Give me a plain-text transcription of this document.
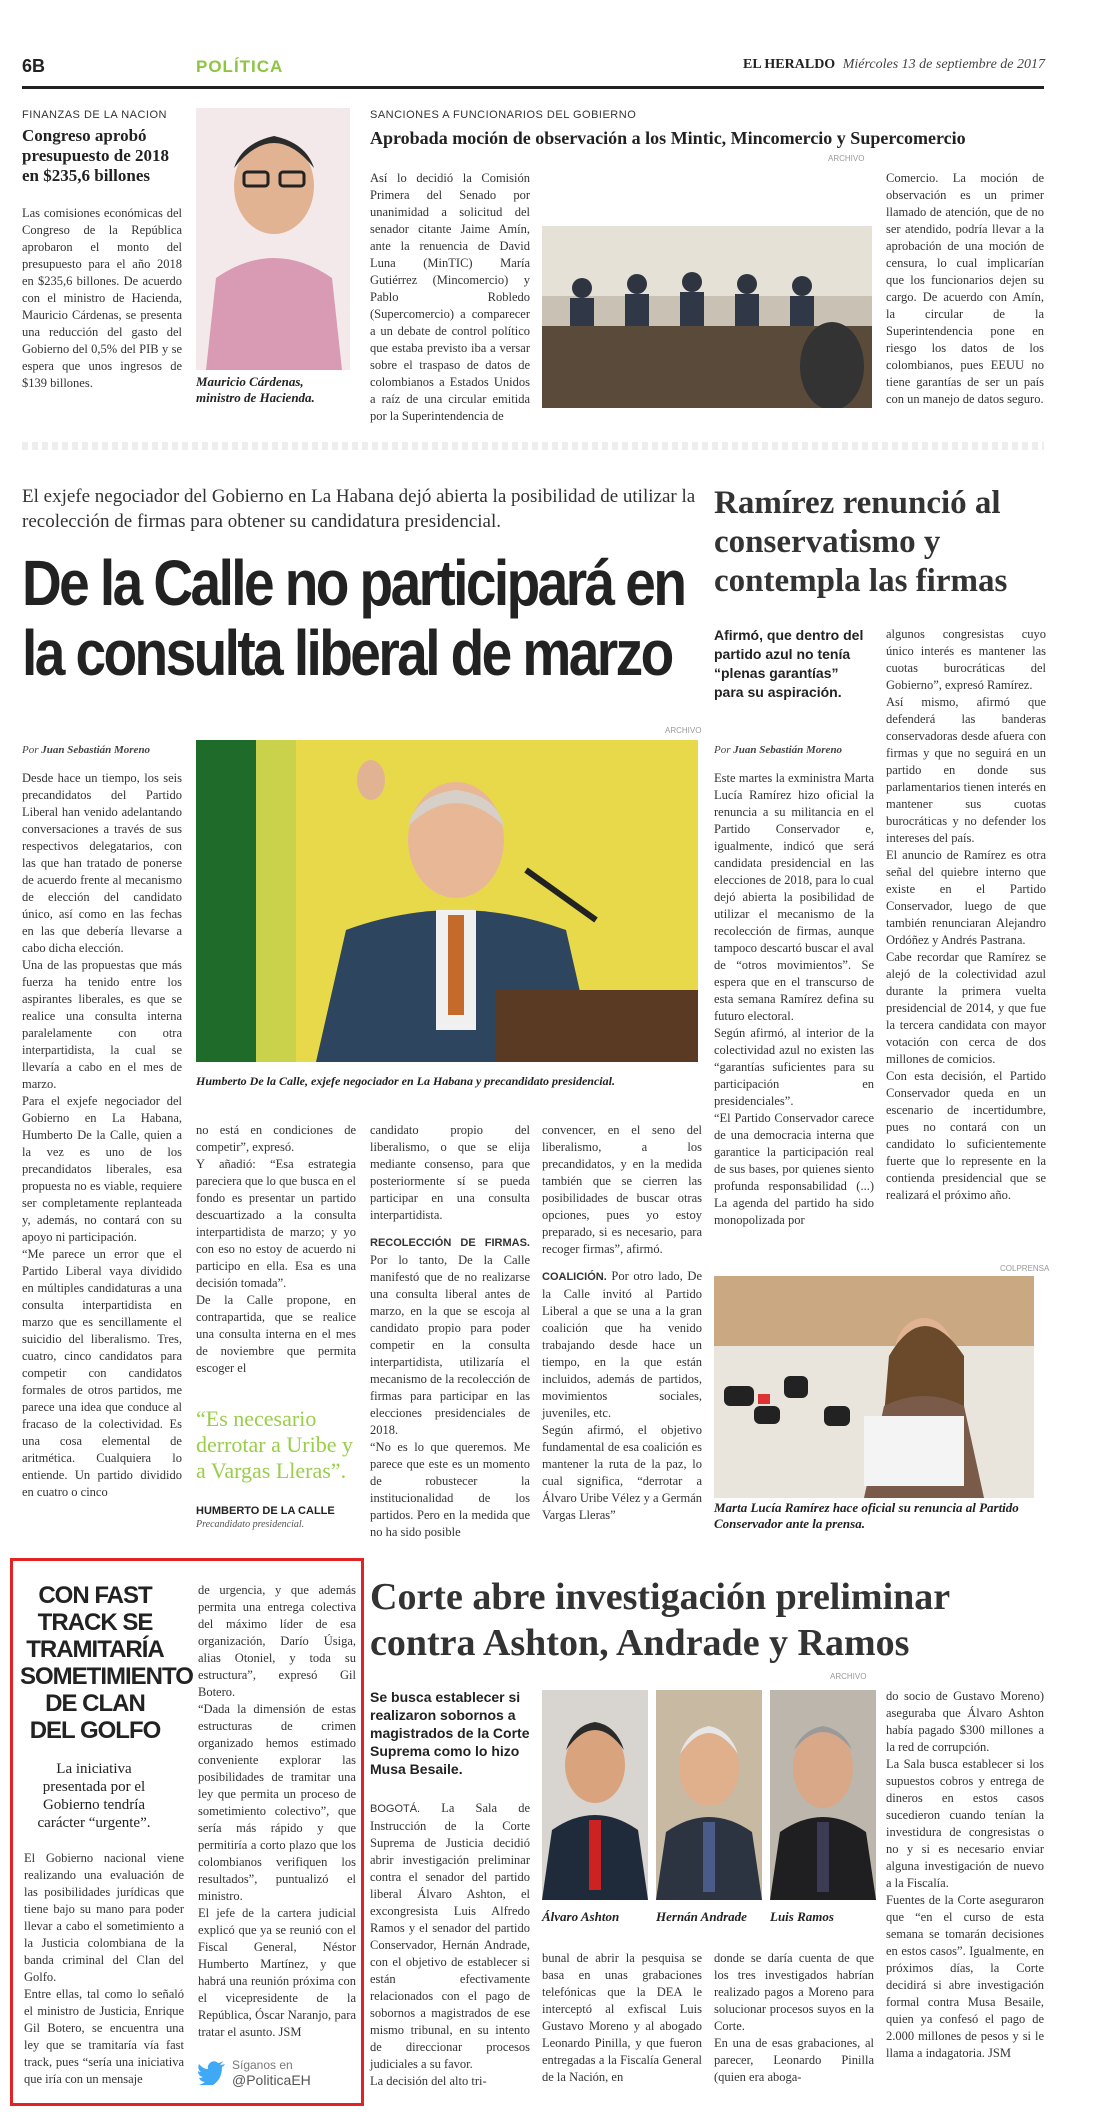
6B	POLÍTICA	EL HERALDO Miércoles 13 de septiembre de 2017
FINANZAS DE LA NACION
Congreso aprobó presupuesto de 2018 en $235,6 billones
Las comisiones económicas del Congreso de la República aprobaron el monto del presupuesto para el año 2018 en $235,6 billones. De acuerdo con el ministro de Hacienda, Mauricio Cárdenas, se presenta una reducción del gasto del Gobierno del 0,5% del PIB y se espera que unos ingresos de $139 billones.	Mauricio Cárdenas, ministro de Hacienda.
SANCIONES A FUNCIONARIOS DEL GOBIERNO
Aprobada moción de observación a los Mintic, Mincomercio y Supercomercio
ARCHIVO
Así lo decidió la Comisión Primera del Senado por unanimidad a solicitud del senador citante Jaime Amín, ante la renuencia de David Luna (MinTIC) María Gutiérrez (Mincomercio) y Pablo Robledo (Supercomercio) a comparecer a un debate de control político que estaba previsto iba a versar sobre el traspaso de datos de colombianos a Estados Unidos a raíz de una circular emitida por la Superintendencia de
Comercio. La moción de observación es un primer llamado de atención, que de no ser atendido, podría llevar a la aprobación de una moción de censura, lo cual implicarían que los funcionarios dejen su cargo. De acuerdo con Amín, la circular de la Superintendencia pone en riesgo los datos de los colombianos, pues EEUU no tiene garantías de ser un país con un manejo de datos seguro.
El exjefe negociador del Gobierno en La Habana dejó abierta la posibilidad de utilizar la recolección de firmas para obtener su candidatura presidencial.
De la Calle no participará en la consulta liberal de marzo
Por Juan Sebastián Moreno
ARCHIVO
Humberto De la Calle, exjefe negociador en La Habana y precandidato presidencial.
Desde hace un tiempo, los seis precandidatos del Partido Liberal han venido adelantando conversaciones a través de sus respectivos delegatarios, con las que han tratado de ponerse de acuerdo frente al mecanismo de elección del candidato único, así como en las fechas en las que debería llevarse a cabo dicha elección.
Una de las propuestas que más fuerza ha tenido entre los aspirantes liberales, es que se realice una consulta interna paralelamente con otra interpartidista, la cual se llevaría a cabo en el mes de marzo.
Para el exjefe negociador del Gobierno en La Habana, Humberto De la Calle, quien a la vez es uno de los precandidatos liberales, esa propuesta no es viable, requiere ser completamente replanteada y, además, no contará con su apoyo ni participación.
“Me parece un error que el Partido Liberal vaya dividido en múltiples candidaturas a una consulta interpartidista en marzo que es sencillamente el suicidio del liberalismo. Tres, cuatro, cinco candidatos para competir con candidatos formales de otros partidos, me parece una idea que conduce al fracaso de la colectividad. Es una cosa elemental de aritmética. Cualquiera lo entiende. Un partido dividido en cuatro o cinco
no está en condiciones de competir”, expresó.
Y añadió: “Esa estrategia pareciera que lo que busca en el fondo es presentar un partido descuartizado a la consulta interpartidista de marzo; y yo con eso no estoy de acuerdo ni participo en ella. Esa es una decisión tomada”.
De la Calle propone, en contrapartida, que se realice una consulta interna en el mes de noviembre que permita escoger el
“Es necesario derrotar a Uribe y a Vargas Lleras”.
HUMBERTO DE LA CALLE
Precandidato presidencial.
candidato propio del liberalismo, o que se elija mediante consenso, para que posteriormente sí se pueda participar en una consulta interpartidista.
RECOLECCIÓN DE FIRMAS. Por lo tanto, De la Calle manifestó que de no realizarse una consulta liberal antes de marzo, en la que se escoja al candidato propio para poder competir en la consulta interpartidista, utilizaría el mecanismo de la recolección de firmas para participar en las elecciones presidenciales de 2018.
“No es lo que queremos. Me parece que este es un momento de robustecer la institucionalidad de los partidos. Pero en la medida que no ha sido posible
convencer, en el seno del liberalismo, a los precandidatos, y en la medida también que se cierren las posibilidades de buscar otras opciones, pues yo estoy preparado, si es necesario, para recoger firmas”, afirmó.
COALICIÓN. Por otro lado, De la Calle invitó al Partido Liberal a que se una a la gran coalición que ha venido trabajando desde hace un tiempo, en la que están incluidos, además de partidos, movimientos sociales, juveniles, etc.
Según afirmó, el objetivo fundamental de esa coalición es mantener la ruta de la paz, lo cual significa, “derrotar a Álvaro Uribe Vélez y a Germán Vargas Lleras”
Ramírez renunció al conservatismo y contempla las firmas
Afirmó, que dentro del partido azul no tenía “plenas garantías” para su aspiración.
Por Juan Sebastián Moreno
Este martes la exministra Marta Lucía Ramírez hizo oficial la renuncia a su militancia en el Partido Conservador e, igualmente, indicó que será candidata presidencial en las elecciones de 2018, para lo cual dejó abierta la posibilidad de utilizar el mecanismo de la recolección de firmas, aunque tampoco descartó buscar el aval de “otros movimientos”. Se espera que en el transcurso de esta semana Ramírez defina su futuro electoral.
Según afirmó, al interior de la colectividad azul no existen las “garantías suficientes para su participación en presidenciales”.
“El Partido Conservador carece de una democracia interna que garantice la participación real de sus bases, por quienes siento profunda responsabilidad (...) La agenda del partido ha sido monopolizada por
algunos congresistas cuyo único interés es mantener las cuotas burocráticas del Gobierno”, expresó Ramírez.
Así mismo, afirmó que defenderá las banderas conservadoras desde afuera con firmas y que no seguirá en un partido en donde sus parlamentarios tienen interés en mantener sus cuotas burocráticas y no defender los intereses del país.
El anuncio de Ramírez es otra señal del quiebre interno que existe en el Partido Conservador, luego de que también renunciaran Alejandro Ordóñez y Andrés Pastrana.
Cabe recordar que Ramírez se alejó de la colectividad azul durante la primera vuelta presidencial de 2014, y que fue la tercera candidata con mayor votación con cerca de dos millones de comicios.
Con esta decisión, el Partido Conservador queda en un escenario de incertidumbre, pues no contará con un candidato lo suficientemente fuerte que lo represente en la contienda presidencial que se realizará el próximo año.
COLPRENSA
Marta Lucía Ramírez hace oficial su renuncia al Partido Conservador ante la prensa.
CON FAST TRACK SE TRAMITARÍA SOMETIMIENTO DE CLAN DEL GOLFO
La iniciativa presentada por el Gobierno tendría carácter “urgente”.
El Gobierno nacional viene realizando una evaluación de las posibilidades jurídicas que tiene bajo su mano para poder llevar a cabo el sometimiento a la Justicia colombiana de la banda criminal del Clan del Golfo.
Entre ellas, tal como lo señaló el ministro de Justicia, Enrique Gil Botero, se encuentra una ley que se tramitaría vía fast track, pues “sería una iniciativa que iría con un mensaje
de urgencia, y que además permita una entrega colectiva del máximo líder de esa organización, Darío Úsiga, alias Otoniel, y toda su estructura”, expresó Gil Botero.
“Dada la dimensión de estas estructuras de crimen organizado hemos estimado conveniente explorar las posibilidades de tramitar una ley que permita un proceso de sometimiento colectivo”, que sería más rápido y que permitiría a corto plazo que los colombianos verifiquen los resultados”, puntualizó el ministro.
El jefe de la cartera judicial explicó que ya se reunió con el Fiscal General, Néstor Humberto Martínez, y que habrá una reunión próxima con el vicepresidente de la República, Óscar Naranjo, para tratar el asunto. JSM
Síganos en
@PoliticaEH
Corte abre investigación preliminar contra Ashton, Andrade y Ramos
ARCHIVO
Se busca establecer si realizaron sobornos a magistrados de la Corte Suprema como lo hizo Musa Besaile.
BOGOTÁ. La Sala de Instrucción de la Corte Suprema de Justicia decidió abrir investigación preliminar contra el senador del partido liberal Álvaro Ashton, el excongresista Luis Alfredo Ramos y el senador del partido Conservador, Hernán Andrade, con el objetivo de establecer si están efectivamente relacionados con el pago de sobornos a magistrados de ese mismo tribunal, en su intento de direccionar procesos judiciales a su favor.
La decisión del alto tri-
Álvaro Ashton	Hernán Andrade	Luis Ramos
bunal de abrir la pesquisa se basa en unas grabaciones telefónicas que la DEA le interceptó al exfiscal Luis Gustavo Moreno y al abogado Leonardo Pinilla, y que fueron entregadas a la Fiscalía General de la Nación, en
donde se daría cuenta de que los tres investigados habrían realizado pagos a Moreno para solucionar procesos suyos en la Corte.
En una de esas grabaciones, al parecer, Leonardo Pinilla (quien era aboga-
do socio de Gustavo Moreno) aseguraba que Álvaro Ashton había pagado $300 millones a la red de corrupción.
La Sala busca establecer si los supuestos cobros y entrega de dineros en estos casos sucedieron cuando tenían la investidura de congresistas o no y si es necesario enviar alguna investigación de nuevo a la Fiscalía.
Fuentes de la Corte aseguraron que “en el curso de esta semana se tomarán decisiones en estos casos”. Igualmente, en próximos días, la Corte decidirá si abre investigación formal contra Musa Besaile, quien ya confesó el pago de 2.000 millones de pesos y si le llama a indagatoria. JSM
